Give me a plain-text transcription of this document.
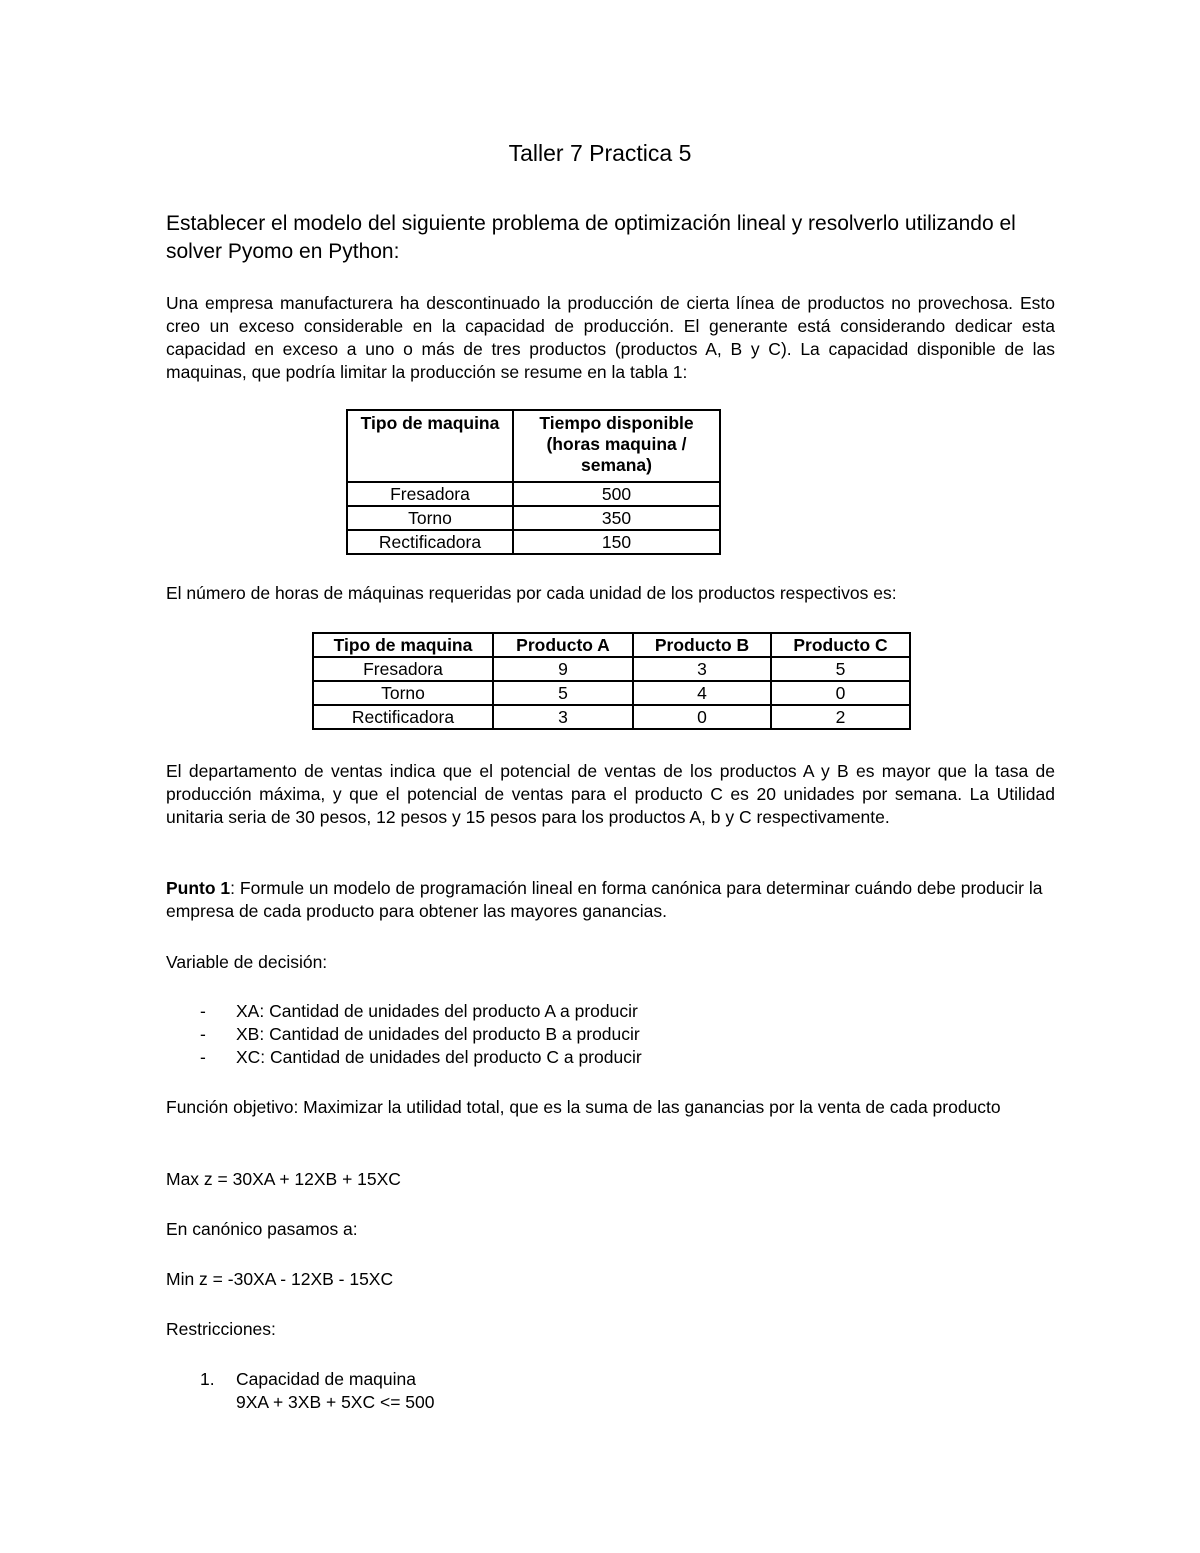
Taller 7 Practica 5
Establecer el modelo del siguiente problema de optimización lineal y resolverlo utilizando el solver Pyomo en Python:
Una empresa manufacturera ha descontinuado la producción de cierta línea de productos no provechosa. Esto creo un exceso considerable en la capacidad de producción. El generante está considerando dedicar esta capacidad en exceso a uno o más de tres productos (productos A, B y C). La capacidad disponible de las maquinas, que podría limitar la producción se resume en la tabla 1:
Tipo de maquina	Tiempo disponible (horas maquina / semana)
Fresadora	500
Torno	350
Rectificadora	150
El número de horas de máquinas requeridas por cada unidad de los productos respectivos es:
Tipo de maquina	Producto A	Producto B	Producto C
Fresadora	9	3	5
Torno	5	4	0
Rectificadora	3	0	2
El departamento de ventas indica que el potencial de ventas de los productos A y B es mayor que la tasa de producción máxima, y que el potencial de ventas para el producto C es 20 unidades por semana. La Utilidad unitaria seria de 30 pesos, 12 pesos y 15 pesos para los productos A, b y C respectivamente.
Punto 1: Formule un modelo de programación lineal en forma canónica para determinar cuándo debe producir la empresa de cada producto para obtener las mayores ganancias.
Variable de decisión:
- XA: Cantidad de unidades del producto A a producir
- XB: Cantidad de unidades del producto B a producir
- XC: Cantidad de unidades del producto C a producir
Función objetivo: Maximizar la utilidad total, que es la suma de las ganancias por la venta de cada producto
Max z = 30XA + 12XB + 15XC
En canónico pasamos a:
Min z = -30XA - 12XB - 15XC
Restricciones:
1. Capacidad de maquina
9XA + 3XB + 5XC <= 500
